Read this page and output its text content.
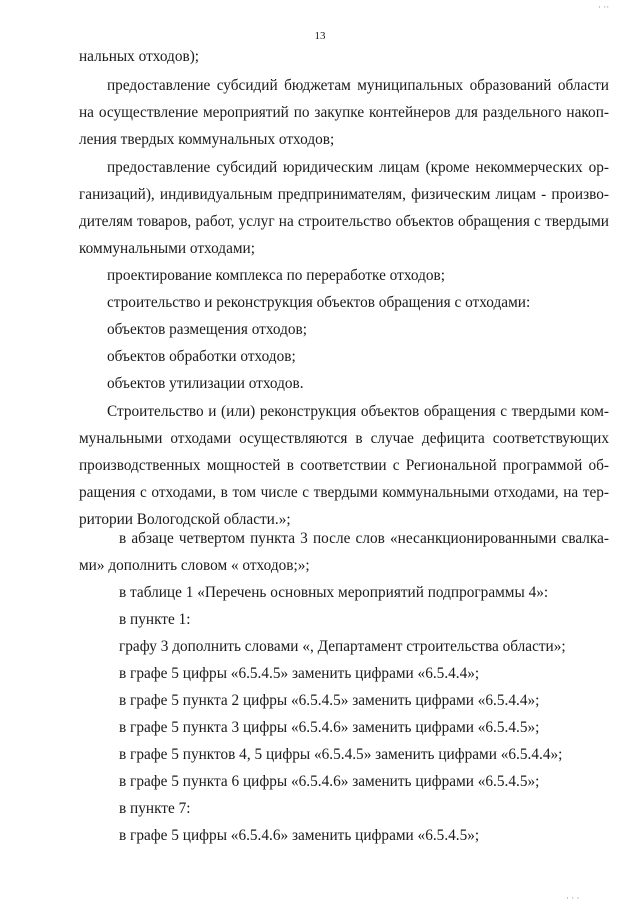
13
нальных отходов);
предоставление субсидий бюджетам муниципальных образований области
на осуществление мероприятий по закупке контейнеров для раздельного накоп-
ления твердых коммунальных отходов;
предоставление субсидий юридическим лицам (кроме некоммерческих ор-
ганизаций), индивидуальным предпринимателям, физическим лицам - произво-
дителям товаров, работ, услуг на строительство объектов обращения с твердыми
коммунальными отходами;
проектирование комплекса по переработке отходов;
строительство и реконструкция объектов обращения с отходами:
объектов размещения отходов;
объектов обработки отходов;
объектов утилизации отходов.
Строительство и (или) реконструкция объектов обращения с твердыми ком-
мунальными отходами осуществляются в случае дефицита соответствующих
производственных мощностей в соответствии с Региональной программой об-
ращения с отходами, в том числе с твердыми коммунальными отходами, на тер-
ритории Вологодской области.»;
в абзаце четвертом пункта 3 после слов «несанкционированными свалка-
ми» дополнить словом « отходов;»;
в таблице 1 «Перечень основных мероприятий подпрограммы 4»:
в пункте 1:
графу 3 дополнить словами «, Департамент строительства области»;
в графе 5 цифры «6.5.4.5» заменить цифрами «6.5.4.4»;
в графе 5 пункта 2 цифры «6.5.4.5» заменить цифрами «6.5.4.4»;
в графе 5 пункта 3 цифры «6.5.4.6» заменить цифрами «6.5.4.5»;
в графе 5 пунктов 4, 5 цифры «6.5.4.5» заменить цифрами «6.5.4.4»;
в графе 5 пункта 6 цифры «6.5.4.6» заменить цифрами «6.5.4.5»;
в пункте 7:
в графе 5 цифры «6.5.4.6» заменить цифрами «6.5.4.5»;
· ··
· · ·
